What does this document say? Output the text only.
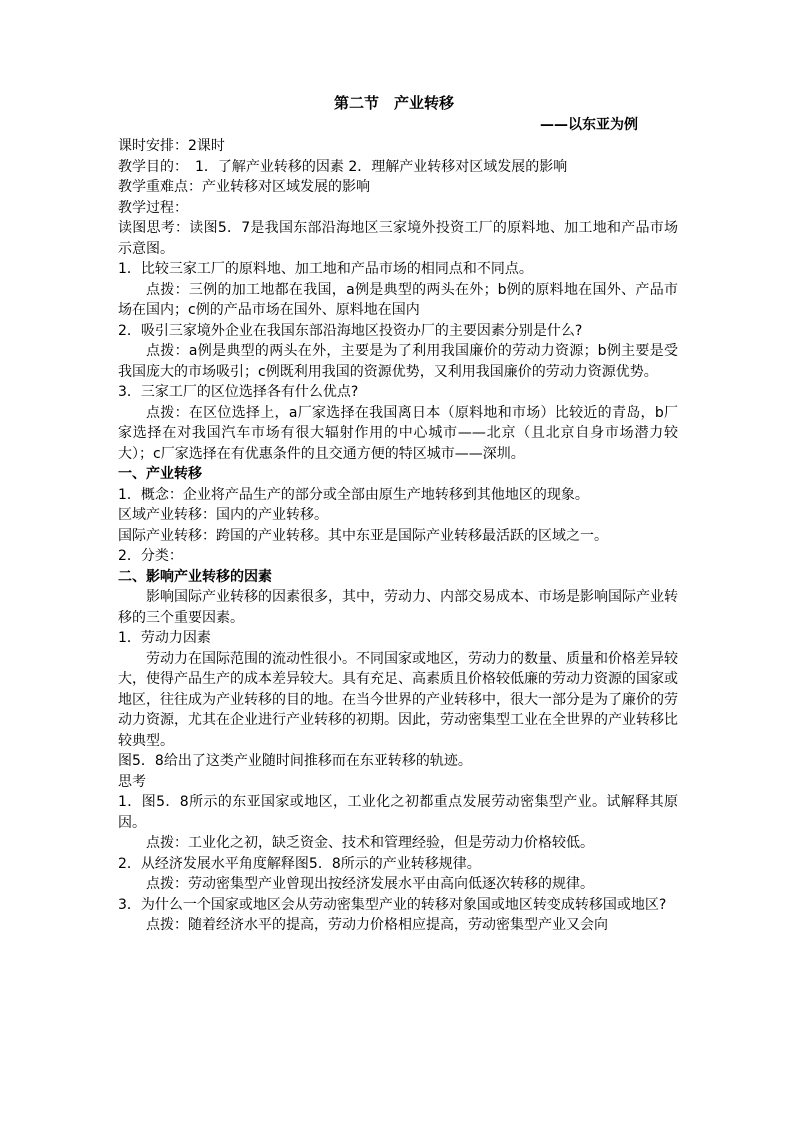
第二节　产业转移
——以东亚为例

课时安排：2课时

教学目的：　1．了解产业转移的因素 2．理解产业转移对区域发展的影响

教学重难点：产业转移对区域发展的影响

教学过程：

读图思考：读图5．7是我国东部沿海地区三家境外投资工厂的原料地、加工地和产品市场示意图。

1．比较三家工厂的原料地、加工地和产品市场的相同点和不同点。

点拨：三例的加工地都在我国，a例是典型的两头在外；b例的原料地在国外、产品市场在国内；c例的产品市场在国外、原料地在国内

2．吸引三家境外企业在我国东部沿海地区投资办厂的主要因素分别是什么?

点拨：a例是典型的两头在外，主要是为了利用我国廉价的劳动力资源；b例主要是受我国庞大的市场吸引；c例既利用我国的资源优势，又利用我国廉价的劳动力资源优势。

3．三家工厂的区位选择各有什么优点?

点拨：在区位选择上，a厂家选择在我国离日本（原料地和市场）比较近的青岛，b厂家选择在对我国汽车市场有很大辐射作用的中心城市——北京（且北京自身市场潜力较大）；c厂家选择在有优惠条件的且交通方便的特区城市——深圳。

一、产业转移

1．概念：企业将产品生产的部分或全部由原生产地转移到其他地区的现象。

区域产业转移：国内的产业转移。

国际产业转移：跨国的产业转移。其中东亚是国际产业转移最活跃的区域之一。

2．分类：

二、影响产业转移的因素

影响国际产业转移的因素很多，其中，劳动力、内部交易成本、市场是影响国际产业转移的三个重要因素。

1．劳动力因素

劳动力在国际范围的流动性很小。不同国家或地区，劳动力的数量、质量和价格差异较大，使得产品生产的成本差异较大。具有充足、高素质且价格较低廉的劳动力资源的国家或地区，往往成为产业转移的目的地。在当今世界的产业转移中，很大一部分是为了廉价的劳动力资源，尤其在企业进行产业转移的初期。因此，劳动密集型工业在全世界的产业转移比较典型。

图5．8给出了这类产业随时间推移而在东亚转移的轨迹。

思考

1．图5．8所示的东亚国家或地区，工业化之初都重点发展劳动密集型产业。试解释其原因。

点拨：工业化之初，缺乏资金、技术和管理经验，但是劳动力价格较低。

2．从经济发展水平角度解释图5．8所示的产业转移规律。

点拨：劳动密集型产业曾现出按经济发展水平由高向低逐次转移的规律。

3．为什么一个国家或地区会从劳动密集型产业的转移对象国或地区转变成转移国或地区?

点拨：随着经济水平的提高，劳动力价格相应提高，劳动密集型产业又会向
